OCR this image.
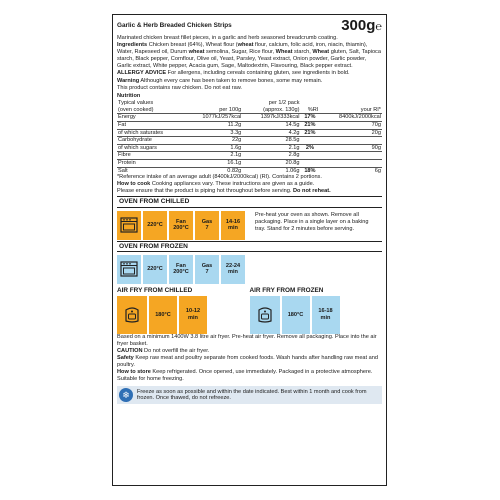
Garlic & Herb Breaded Chicken Strips	300g℮
Marinated chicken breast fillet pieces, in a garlic and herb seasoned breadcrumb coating.
Ingredients Chicken breast (64%), Wheat flour (wheat flour, calcium, folic acid, iron, niacin, thiamin), Water, Rapeseed oil, Durum wheat semolina, Sugar, Rice flour, Wheat starch, Wheat gluten, Salt, Tapioca starch, Black pepper, Cornflour, Olive oil, Yeast, Parsley, Yeast extract, Onion powder, Garlic powder, Garlic extract, White pepper, Acacia gum, Sage, Maltodextrin, Flavouring, Black pepper extract.
ALLERGY ADVICE For allergens, including cereals containing gluten, see ingredients in bold.
Warning Although every care has been taken to remove bones, some may remain.
This product contains raw chicken. Do not eat raw.
Nutrition
Typical values		per 1/2 pack		
(oven cooked)	per 100g	(approx. 130g)	%RI	your RI*
Energy	1077kJ/257kcal	1397kJ/333kcal	17%	8400kJ/2000kcal
Fat	11.2g	14.5g	21%	70g
of which saturates	3.3g	4.2g	21%	20g
Carbohydrate	22g	28.5g		
of which sugars	1.6g	2.1g	2%	90g
Fibre	2.1g	2.8g		
Protein	16.1g	20.8g		
Salt	0.82g	1.06g	18%	6g
*Reference intake of an average adult (8400kJ/2000kcal) (RI). Contains 2 portions.
How to cook Cooking appliances vary. These instructions are given as a guide.
Please ensure that the product is piping hot throughout before serving. Do not reheat.
OVEN FROM CHILLED
220°C
Fan
200°C
Gas
7
14-16
min
Pre-heat your oven as shown. Remove all packaging. Place in a single layer on a baking tray. Stand for 2 minutes before serving.
OVEN FROM FROZEN
220°C
Fan
200°C
Gas
7
22-24
min
AIR FRY FROM CHILLED
180°C
10-12
min
AIR FRY FROM FROZEN
180°C
16-18
min
Based on a minimum 1400W 3.8 litre air fryer. Pre-heat air fryer. Remove all packaging. Place into the air fryer basket.
CAUTION Do not overfill the air fryer.
Safety Keep raw meat and poultry separate from cooked foods. Wash hands after handling raw meat and poultry.
How to store Keep refrigerated. Once opened, use immediately. Packaged in a protective atmosphere. Suitable for home freezing.
❄	Freeze as soon as possible and within the date indicated. Best within 1 month and cook from frozen. Once thawed, do not refreeze.
